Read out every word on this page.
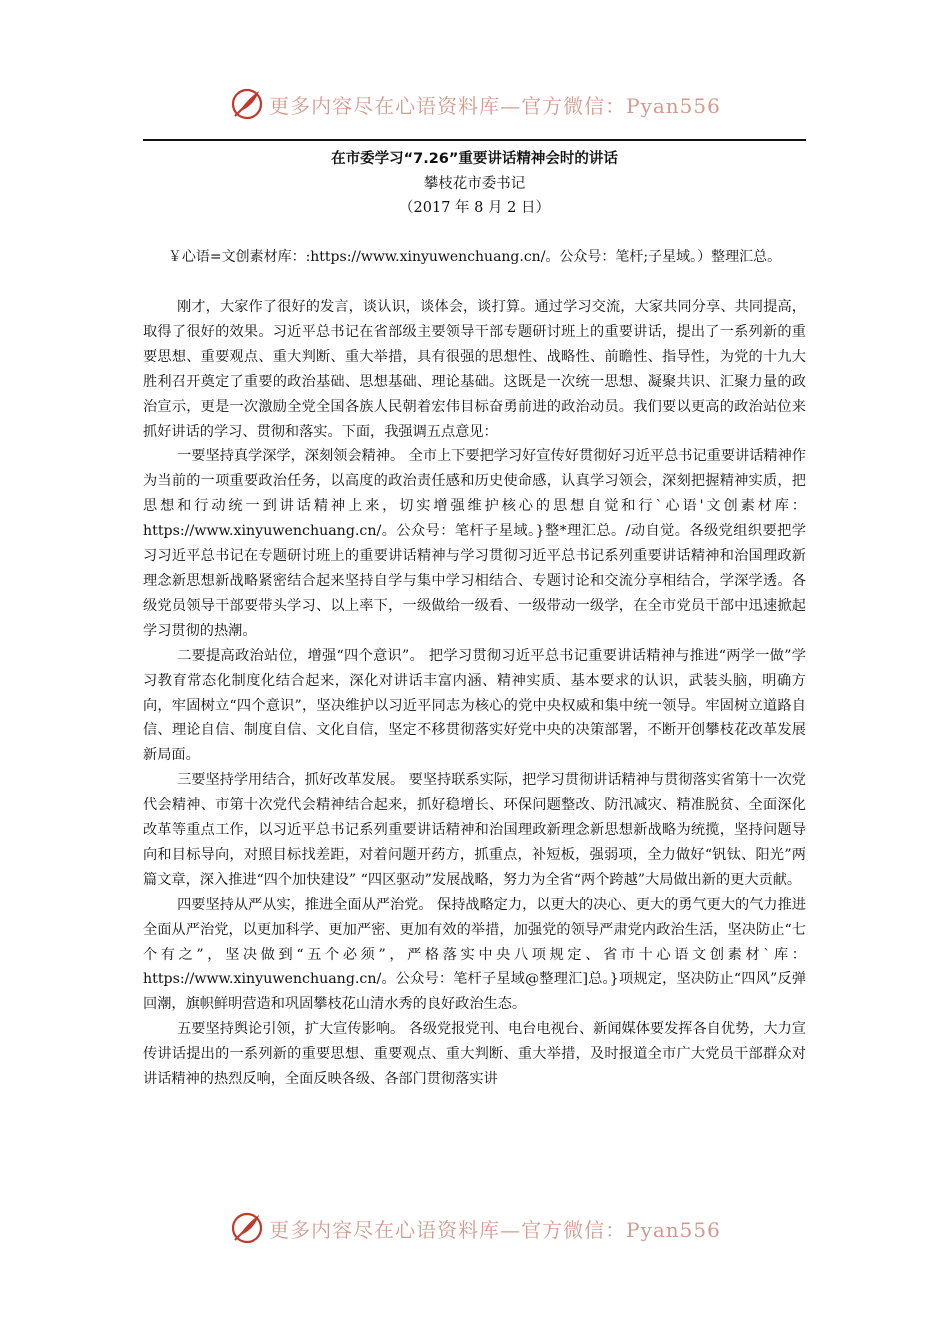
更多内容尽在心语资料库—官方微信：Pyan556
在市委学习“7.26”重要讲话精神会时的讲话
攀枝花市委书记
（2017 年 8 月 2 日）
￥心语=文创素材库：:https://www.xinyuwenchuang.cn/。公众号：笔杆;子星域。）整理汇总。

刚才，大家作了很好的发言，谈认识，谈体会，谈打算。通过学习交流，大家共同分享、共同提高，取得了很好的效果。习近平总书记在省部级主要领导干部专题研讨班上的重要讲话，提出了一系列新的重要思想、重要观点、重大判断、重大举措，具有很强的思想性、战略性、前瞻性、指导性，为党的十九大胜利召开奠定了重要的政治基础、思想基础、理论基础。这既是一次统一思想、凝聚共识、汇聚力量的政治宣示，更是一次激励全党全国各族人民朝着宏伟目标奋勇前进的政治动员。我们要以更高的政治站位来抓好讲话的学习、贯彻和落实。下面，我强调五点意见：

一要坚持真学深学，深刻领会精神。 全市上下要把学习好宣传好贯彻好习近平总书记重要讲话精神作为当前的一项重要政治任务，以高度的政治责任感和历史使命感，认真学习领会，深刻把握精神实质，把思想和行动统一到讲话精神上来，切实增强维护核心的思想自觉和行`心语'文创素材库：https://www.xinyuwenchuang.cn/。公众号：笔杆子星域。}整*理汇总。/动自觉。各级党组织要把学习习近平总书记在专题研讨班上的重要讲话精神与学习贯彻习近平总书记系列重要讲话精神和治国理政新理念新思想新战略紧密结合起来坚持自学与集中学习相结合、专题讨论和交流分享相结合，学深学透。各级党员领导干部要带头学习、以上率下，一级做给一级看、一级带动一级学，在全市党员干部中迅速掀起学习贯彻的热潮。

二要提高政治站位，增强“四个意识”。 把学习贯彻习近平总书记重要讲话精神与推进“两学一做”学习教育常态化制度化结合起来，深化对讲话丰富内涵、精神实质、基本要求的认识，武装头脑，明确方向，牢固树立“四个意识”，坚决维护以习近平同志为核心的党中央权威和集中统一领导。牢固树立道路自信、理论自信、制度自信、文化自信，坚定不移贯彻落实好党中央的决策部署，不断开创攀枝花改革发展新局面。

三要坚持学用结合，抓好改革发展。 要坚持联系实际，把学习贯彻讲话精神与贯彻落实省第十一次党代会精神、市第十次党代会精神结合起来，抓好稳增长、环保问题整改、防汛减灾、精准脱贫、全面深化改革等重点工作，以习近平总书记系列重要讲话精神和治国理政新理念新思想新战略为统揽，坚持问题导向和目标导向，对照目标找差距，对着问题开药方，抓重点，补短板，强弱项，全力做好“钒钛、阳光”两篇文章，深入推进“四个加快建设” “四区驱动”发展战略，努力为全省“两个跨越”大局做出新的更大贡献。

四要坚持从严从实，推进全面从严治党。 保持战略定力，以更大的决心、更大的勇气更大的气力推进全面从严治党，以更加科学、更加严密、更加有效的举措，加强党的领导严肃党内政治生活，坚决防止“七个有之”，坚决做到“五个必须”，严格落实中央八项规定、省市十心语文创素材`库：https://www.xinyuwenchuang.cn/。公众号：笔杆子星域@整理汇]总。}项规定，坚决防止“四风”反弹回潮，旗帜鲜明营造和巩固攀枝花山清水秀的良好政治生态。

五要坚持舆论引领，扩大宣传影响。 各级党报党刊、电台电视台、新闻媒体要发挥各自优势，大力宣传讲话提出的一系列新的重要思想、重要观点、重大判断、重大举措，及时报道全市广大党员干部群众对讲话精神的热烈反响，全面反映各级、各部门贯彻落实讲

更多内容尽在心语资料库—官方微信：Pyan556
